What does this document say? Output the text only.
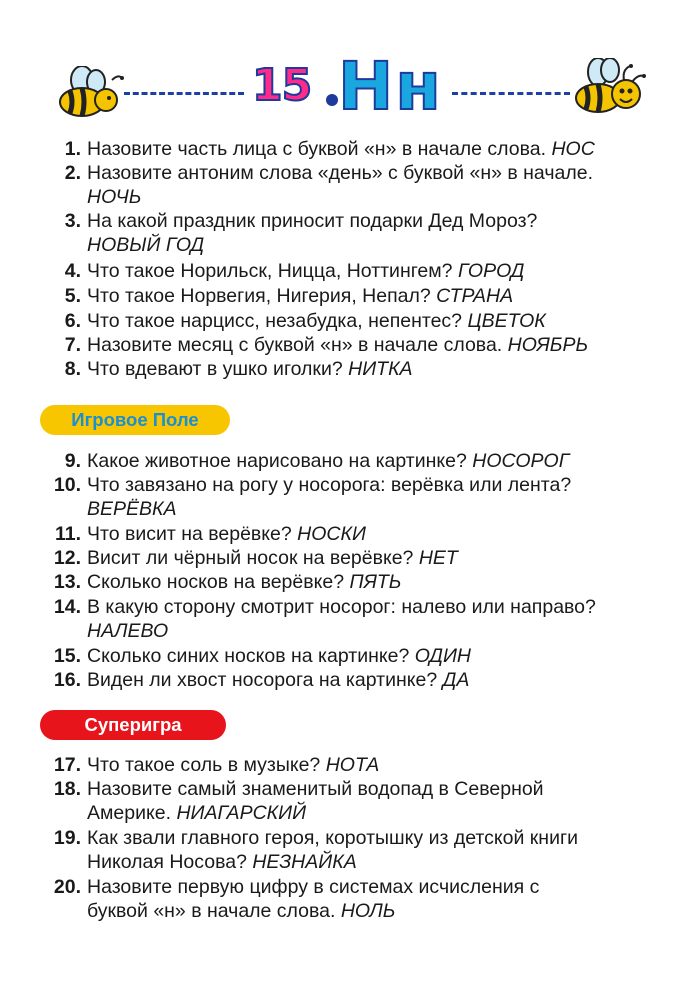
15 Нн
1. Назовите часть лица с буквой «н» в начале слова. НОС
2. Назовите антоним слова «день» с буквой «н» в начале.
НОЧЬ
3. На какой праздник приносит подарки Дед Мороз?
НОВЫЙ ГОД
4. Что такое Норильск, Ницца, Ноттингем? ГОРОД
5. Что такое Норвегия, Нигерия, Непал? СТРАНА
6. Что такое нарцисс, незабудка, непентес? ЦВЕТОК
7. Назовите месяц с буквой «н» в начале слова. НОЯБРЬ
8. Что вдевают в ушко иголки? НИТКА
Игровое Поле
9. Какое животное нарисовано на картинке? НОСОРОГ
10. Что завязано на рогу у носорога: верёвка или лента?
ВЕРЁВКА
11. Что висит на верёвке? НОСКИ
12. Висит ли чёрный носок на верёвке? НЕТ
13. Сколько носков на верёвке? ПЯТЬ
14. В какую сторону смотрит носорог: налево или направо?
НАЛЕВО
15. Сколько синих носков на картинке? ОДИН
16. Виден ли хвост носорога на картинке? ДА
Суперигра
17. Что такое соль в музыке? НОТА
18. Назовите самый знаменитый водопад в Северной
Америке. НИАГАРСКИЙ
19. Как звали главного героя, коротышку из детской книги
Николая Носова? НЕЗНАЙКА
20. Назовите первую цифру в системах исчисления с
буквой «н» в начале слова. НОЛЬ
